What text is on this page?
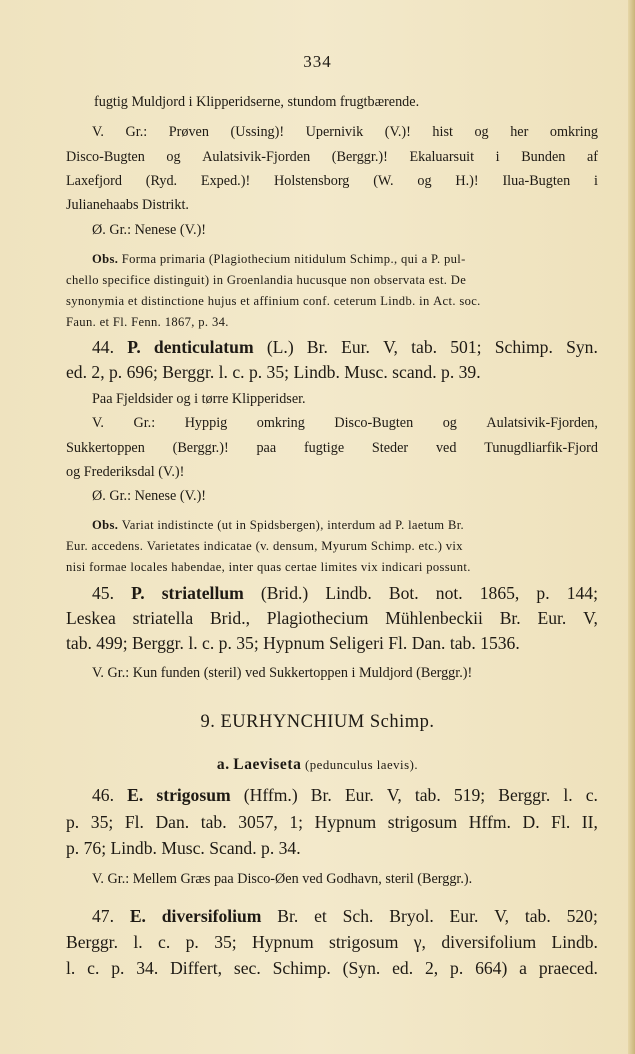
334
fugtig Muldjord i Klipperidserne, stundom frugtbærende.
V. Gr.: Prøven (Ussing)! Upernivik (V.)! hist og her omkring
Disco-Bugten og Aulatsivik-Fjorden (Berggr.)! Ekaluarsuit i Bunden af
Laxefjord (Ryd. Exped.)! Holstensborg (W. og H.)! Ilua-Bugten i
Julianehaabs Distrikt.
Ø. Gr.: Nenese (V.)!
Obs. Forma primaria (Plagiothecium nitidulum Schimp., qui a P. pul-
chello specifice distinguit) in Groenlandia hucusque non observata est. De
synonymia et distinctione hujus et affinium conf. ceterum Lindb. in Act. soc.
Faun. et Fl. Fenn. 1867, p. 34.
44. P. denticulatum (L.) Br. Eur. V, tab. 501; Schimp. Syn.
ed. 2, p. 696; Berggr. l. c. p. 35; Lindb. Musc. scand. p. 39.
Paa Fjeldsider og i tørre Klipperidser.
V. Gr.: Hyppig omkring Disco-Bugten og Aulatsivik-Fjorden,
Sukkertoppen (Berggr.)! paa fugtige Steder ved Tunugdliarfik-Fjord
og Frederiksdal (V.)!
Ø. Gr.: Nenese (V.)!
Obs. Variat indistincte (ut in Spidsbergen), interdum ad P. laetum Br.
Eur. accedens. Varietates indicatae (v. densum, Myurum Schimp. etc.) vix
nisi formae locales habendae, inter quas certae limites vix indicari possunt.
45. P. striatellum (Brid.) Lindb. Bot. not. 1865, p. 144;
Leskea striatella Brid., Plagiothecium Mühlenbeckii Br. Eur. V,
tab. 499; Berggr. l. c. p. 35; Hypnum Seligeri Fl. Dan. tab. 1536.
V. Gr.: Kun funden (steril) ved Sukkertoppen i Muldjord (Berggr.)!
9. EURHYNCHIUM Schimp.
a. Laeviseta (pedunculus laevis).
46. E. strigosum (Hffm.) Br. Eur. V, tab. 519; Berggr. l. c.
p. 35; Fl. Dan. tab. 3057, 1; Hypnum strigosum Hffm. D. Fl. II,
p. 76; Lindb. Musc. Scand. p. 34.
V. Gr.: Mellem Græs paa Disco-Øen ved Godhavn, steril (Berggr.).
47. E. diversifolium Br. et Sch. Bryol. Eur. V, tab. 520;
Berggr. l. c. p. 35; Hypnum strigosum γ, diversifolium Lindb.
l. c. p. 34. Differt, sec. Schimp. (Syn. ed. 2, p. 664) a praeced.
